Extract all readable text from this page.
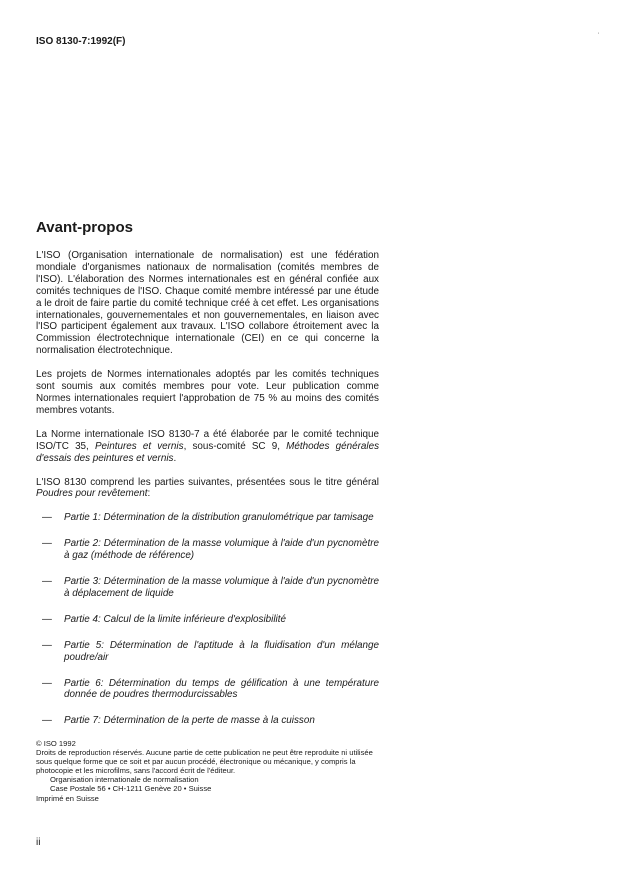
ISO 8130-7:1992(F)	'
Avant-propos

L'ISO (Organisation internationale de normalisation) est une fédération mondiale d'organismes nationaux de normalisation (comités membres de l'ISO). L'élaboration des Normes internationales est en général confiée aux comités techniques de l'ISO. Chaque comité membre intéressé par une étude a le droit de faire partie du comité technique créé à cet effet. Les organisations internationales, gouvernementales et non gouvernementales, en liaison avec l'ISO participent également aux travaux. L'ISO collabore étroitement avec la Commission électrotechnique internationale (CEI) en ce qui concerne la normalisation électrotechnique.

Les projets de Normes internationales adoptés par les comités techniques sont soumis aux comités membres pour vote. Leur publication comme Normes internationales requiert l'approbation de 75 % au moins des comités membres votants.

La Norme internationale ISO 8130-7 a été élaborée par le comité technique ISO/TC 35, Peintures et vernis, sous-comité SC 9, Méthodes générales d'essais des peintures et vernis.

L'ISO 8130 comprend les parties suivantes, présentées sous le titre général Poudres pour revêtement:

— Partie 1: Détermination de la distribution granulométrique par tamisage
— Partie 2: Détermination de la masse volumique à l'aide d'un pycnomètre à gaz (méthode de référence)
— Partie 3: Détermination de la masse volumique à l'aide d'un pycnomètre à déplacement de liquide
— Partie 4: Calcul de la limite inférieure d'explosibilité
— Partie 5: Détermination de l'aptitude à la fluidisation d'un mélange poudre/air
— Partie 6: Détermination du temps de gélification à une température donnée de poudres thermodurcissables
— Partie 7: Détermination de la perte de masse à la cuisson
© ISO 1992
Droits de reproduction réservés. Aucune partie de cette publication ne peut être reproduite ni utilisée sous quelque forme que ce soit et par aucun procédé, électronique ou mécanique, y compris la photocopie et les microfilms, sans l'accord écrit de l'éditeur.
Organisation internationale de normalisation
Case Postale 56 • CH-1211 Genève 20 • Suisse
Imprimé en Suisse
ii
